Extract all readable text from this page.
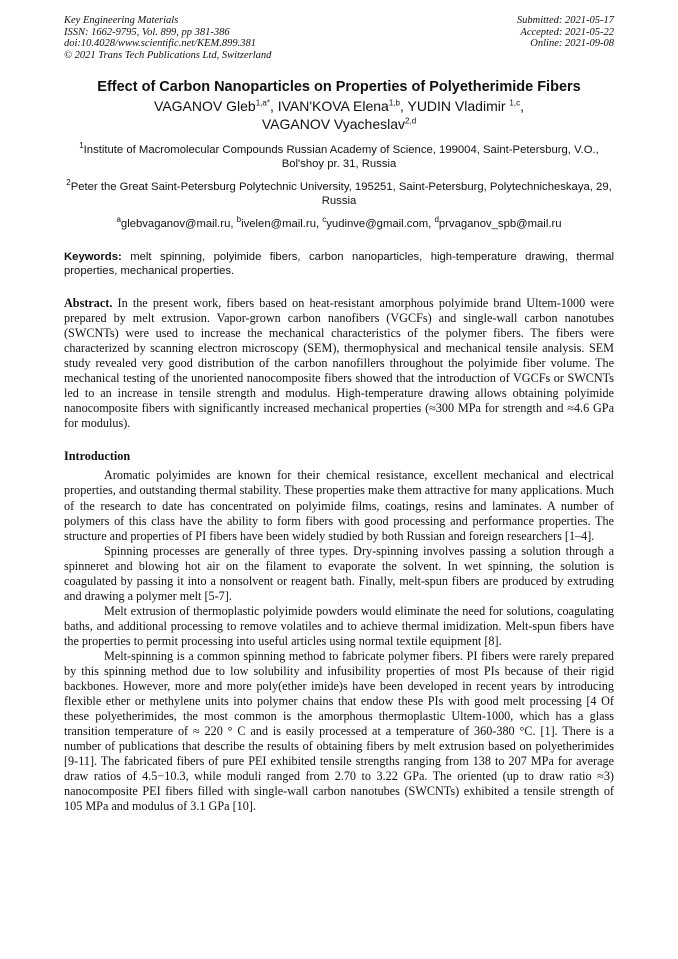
Key Engineering Materials
ISSN: 1662-9795, Vol. 899, pp 381-386
doi:10.4028/www.scientific.net/KEM.899.381
© 2021 Trans Tech Publications Ltd, Switzerland
Submitted: 2021-05-17
Accepted: 2021-05-22
Online: 2021-09-08
Effect of Carbon Nanoparticles on Properties of Polyetherimide Fibers
VAGANOV Gleb$^{1,a*}$, IVAN'KOVA Elena$^{1,b}$, YUDIN Vladimir $^{1,c}$,
VAGANOV Vyacheslav$^{2,d}$
$^1$Institute of Macromolecular Compounds Russian Academy of Science, 199004, Saint-Petersburg, V.O., Bol'shoy pr. 31, Russia
$^2$Peter the Great Saint-Petersburg Polytechnic University, 195251, Saint-Petersburg, Polytechnicheskaya, 29, Russia
$^a$glebvaganov@mail.ru, $^b$ivelen@mail.ru, $^c$yudinve@gmail.com, $^d$prvaganov_spb@mail.ru
Keywords: melt spinning, polyimide fibers, carbon nanoparticles, high-temperature drawing, thermal properties, mechanical properties.
Abstract. In the present work, fibers based on heat-resistant amorphous polyimide brand Ultem-1000 were prepared by melt extrusion. Vapor-grown carbon nanofibers (VGCFs) and single-wall carbon nanotubes (SWCNTs) were used to increase the mechanical characteristics of the polymer fibers. The fibers were characterized by scanning electron microscopy (SEM), thermophysical and mechanical tensile analysis. SEM study revealed very good distribution of the carbon nanofillers throughout the polyimide fiber volume. The mechanical testing of the unoriented nanocomposite fibers showed that the introduction of VGCFs or SWCNTs led to an increase in tensile strength and modulus. High-temperature drawing allows obtaining polyimide nanocomposite fibers with significantly increased mechanical properties (≈300 MPa for strength and ≈4.6 GPa for modulus).
Introduction
Aromatic polyimides are known for their chemical resistance, excellent mechanical and electrical properties, and outstanding thermal stability. These properties make them attractive for many applications. Much of the research to date has concentrated on polyimide films, coatings, resins and laminates. A number of polymers of this class have the ability to form fibers with good processing and performance properties. The structure and properties of PI fibers have been widely studied by both Russian and foreign researchers [1–4].
Spinning processes are generally of three types. Dry-spinning involves passing a solution through a spinneret and blowing hot air on the filament to evaporate the solvent. In wet spinning, the solution is coagulated by passing it into a nonsolvent or reagent bath. Finally, melt-spun fibers are produced by extruding and drawing a polymer melt [5-7].
Melt extrusion of thermoplastic polyimide powders would eliminate the need for solutions, coagulating baths, and additional processing to remove volatiles and to achieve thermal imidization. Melt-spun fibers have the properties to permit processing into useful articles using normal textile equipment [8].
Melt-spinning is a common spinning method to fabricate polymer fibers. PI fibers were rarely prepared by this spinning method due to low solubility and infusibility properties of most PIs because of their rigid backbones. However, more and more poly(ether imide)s have been developed in recent years by introducing flexible ether or methylene units into polymer chains that endow these PIs with good melt processing [4 Of these polyetherimides, the most common is the amorphous thermoplastic Ultem-1000, which has a glass transition temperature of ≈ 220 ° C and is easily processed at a temperature of 360-380 °C. [1]. There is a number of publications that describe the results of obtaining fibers by melt extrusion based on polyetherimides [9-11]. The fabricated fibers of pure PEI exhibited tensile strengths ranging from 138 to 207 MPa for average draw ratios of 4.5−10.3, while moduli ranged from 2.70 to 3.22 GPa. The oriented (up to draw ratio ≈3) nanocomposite PEI fibers filled with single-wall carbon nanotubes (SWCNTs) exhibited a tensile strength of 105 MPa and modulus of 3.1 GPa [10].
